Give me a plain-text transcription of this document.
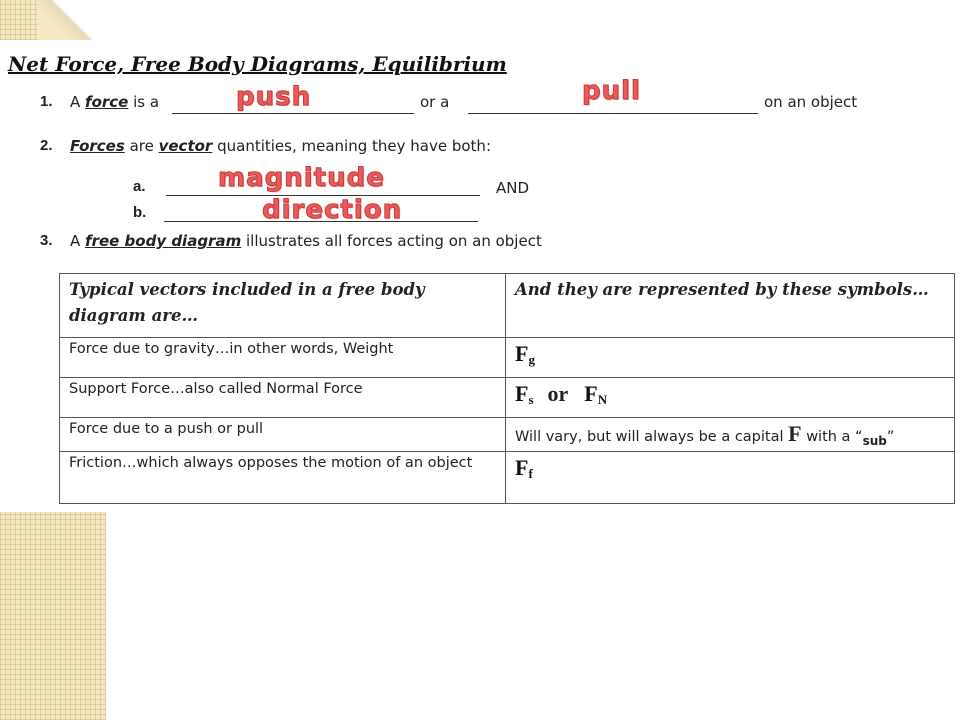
Net Force, Free Body Diagrams, Equilibrium
1. A force is a	or a	on an object
push	pull
2. Forces are vector quantities, meaning they have both:
a.	AND
b.
magnitude
direction
3. A free body diagram illustrates all forces acting on an object
Typical vectors included in a free body diagram are…	And they are represented by these symbols…
Force due to gravity…in other words, Weight	$F_g$
Support Force…also called Normal Force	$F_s$ or $F_N$
Force due to a push or pull	Will vary, but will always be a capital F with a “$_{sub}$”
Friction…which always opposes the motion of an object	$F_f$
